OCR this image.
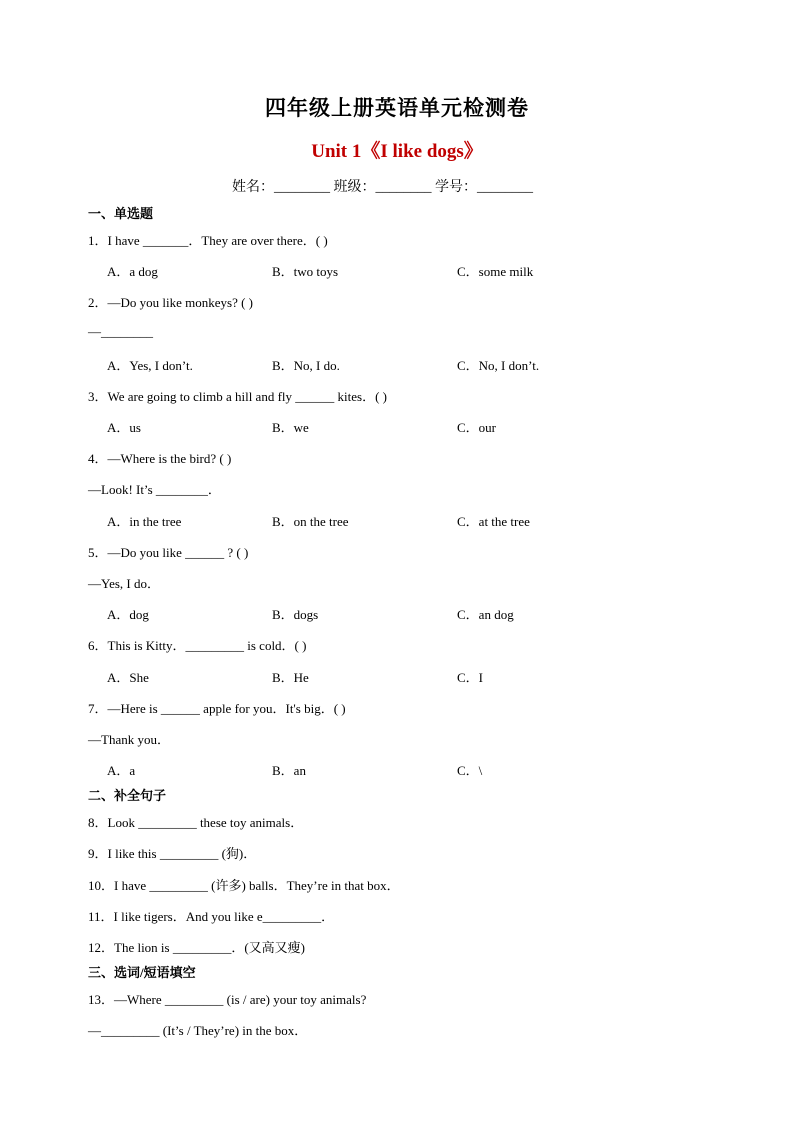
四年级上册英语单元检测卷
Unit 1《I like dogs》
姓名：________ 班级：________ 学号：________
一、单选题
1．I have _______．They are over there．( )
A．a dog	B．two toys	C．some milk
2．—Do you like monkeys? ( )
—________
A．Yes, I don’t.	B．No, I do.	C．No, I don’t.
3．We are going to climb a hill and fly ______ kites．( )
A．us	B．we	C．our
4．—Where is the bird? ( )
—Look! It’s ________．
A．in the tree	B．on the tree	C．at the tree
5．—Do you like ______ ? ( )
—Yes, I do．
A．dog	B．dogs	C．an dog
6．This is Kitty．_________ is cold．( )
A．She	B．He	C．I
7．—Here is ______ apple for you．It's big．( )
—Thank you．
A．a	B．an	C．\
二、补全句子
8．Look _________ these toy animals．
9．I like this _________ (狗)．
10．I have _________ (许多) balls．They’re in that box．
11．I like tigers．And you like e_________．
12．The lion is _________．(又高又瘦)
三、选词/短语填空
13．—Where _________ (is / are) your toy animals?
—_________ (It’s / They’re) in the box．
